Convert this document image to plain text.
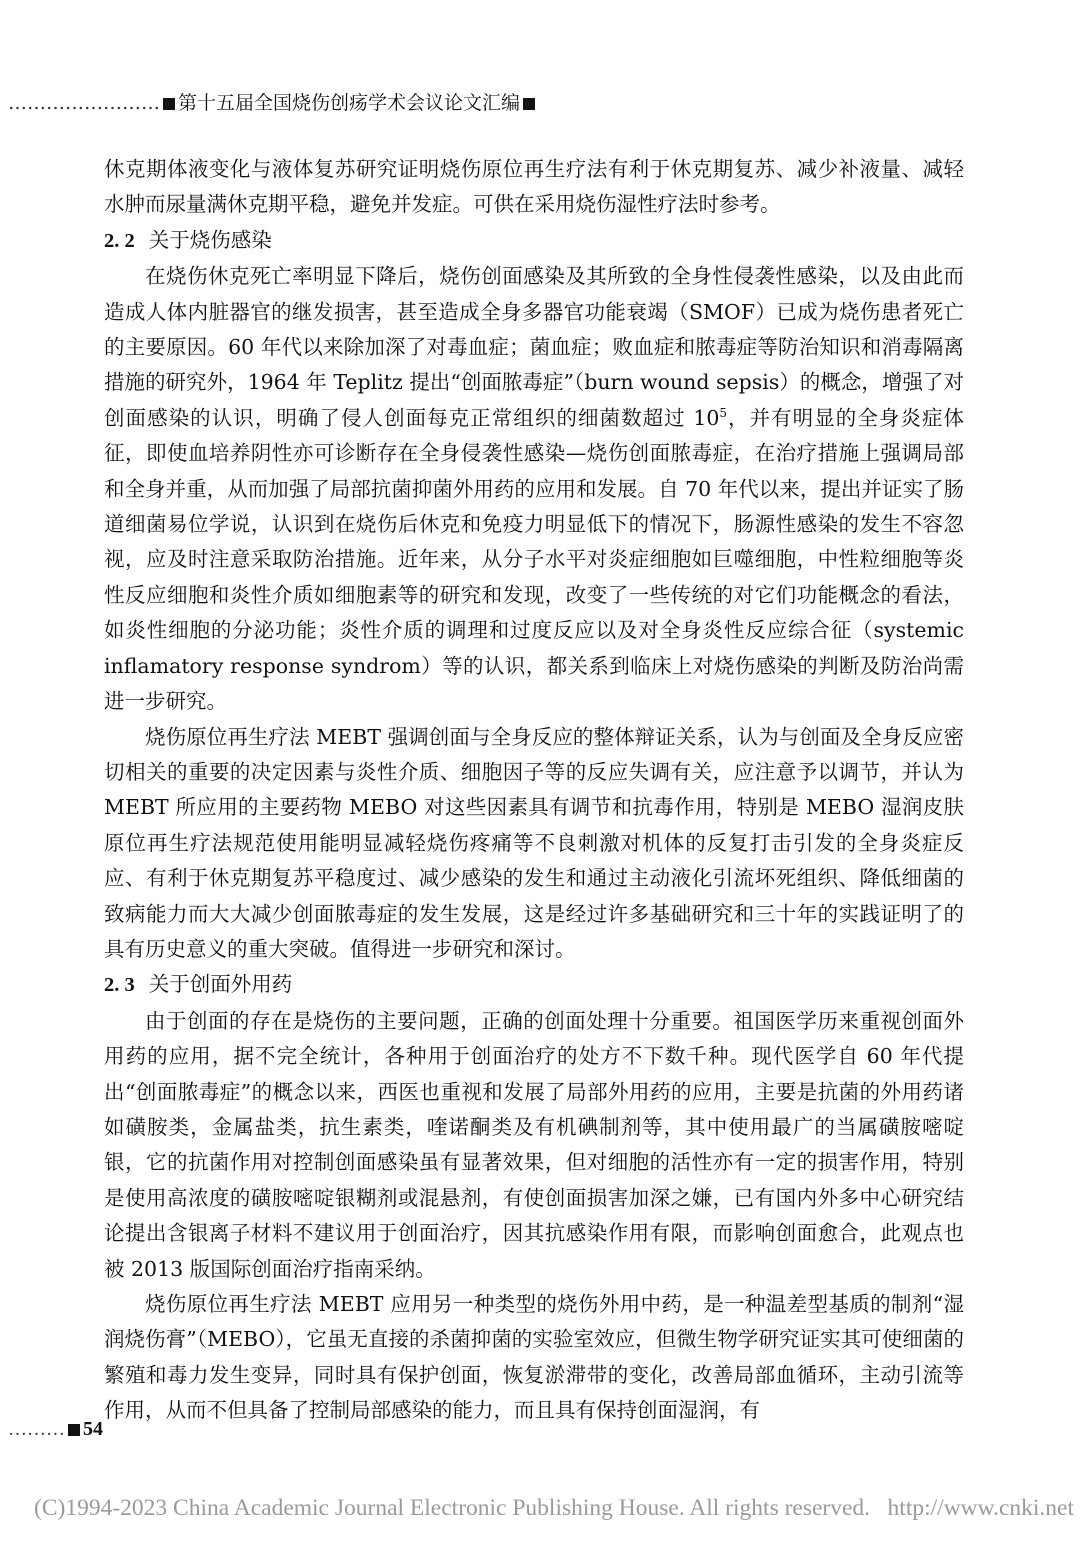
…………………… 第十五届全国烧伤创疡学术会议论文汇编

休克期体液变化与液体复苏研究证明烧伤原位再生疗法有利于休克期复苏、减少补液量、减轻水肿而尿量满休克期平稳，避免并发症。可供在采用烧伤湿性疗法时参考。

2. 2 关于烧伤感染

在烧伤休克死亡率明显下降后，烧伤创面感染及其所致的全身性侵袭性感染，以及由此而造成人体内脏器官的继发损害，甚至造成全身多器官功能衰竭（SMOF）已成为烧伤患者死亡的主要原因。60 年代以来除加深了对毒血症；菌血症；败血症和脓毒症等防治知识和消毒隔离措施的研究外，1964 年 Teplitz 提出“创面脓毒症”（burn wound sepsis）的概念，增强了对创面感染的认识，明确了侵人创面每克正常组织的细菌数超过 $10^5$，并有明显的全身炎症体征，即使血培养阴性亦可诊断存在全身侵袭性感染—烧伤创面脓毒症，在治疗措施上强调局部和全身并重，从而加强了局部抗菌抑菌外用药的应用和发展。自 70 年代以来，提出并证实了肠道细菌易位学说，认识到在烧伤后休克和免疫力明显低下的情况下，肠源性感染的发生不容忽视，应及时注意采取防治措施。近年来，从分子水平对炎症细胞如巨噬细胞，中性粒细胞等炎性反应细胞和炎性介质如细胞素等的研究和发现，改变了一些传统的对它们功能概念的看法，如炎性细胞的分泌功能；炎性介质的调理和过度反应以及对全身炎性反应综合征（systemic inflamatory response syndrom）等的认识，都关系到临床上对烧伤感染的判断及防治尚需进一步研究。

烧伤原位再生疗法 MEBT 强调创面与全身反应的整体辩证关系，认为与创面及全身反应密切相关的重要的决定因素与炎性介质、细胞因子等的反应失调有关，应注意予以调节，并认为 MEBT 所应用的主要药物 MEBO 对这些因素具有调节和抗毒作用，特别是 MEBO 湿润皮肤原位再生疗法规范使用能明显减轻烧伤疼痛等不良刺激对机体的反复打击引发的全身炎症反应、有利于休克期复苏平稳度过、减少感染的发生和通过主动液化引流坏死组织、降低细菌的致病能力而大大减少创面脓毒症的发生发展，这是经过许多基础研究和三十年的实践证明了的具有历史意义的重大突破。值得进一步研究和深讨。

2. 3 关于创面外用药

由于创面的存在是烧伤的主要问题，正确的创面处理十分重要。祖国医学历来重视创面外用药的应用，据不完全统计，各种用于创面治疗的处方不下数千种。现代医学自 60 年代提出“创面脓毒症”的概念以来，西医也重视和发展了局部外用药的应用，主要是抗菌的外用药诸如磺胺类，金属盐类，抗生素类，喹诺酮类及有机碘制剂等，其中使用最广的当属磺胺嘧啶银，它的抗菌作用对控制创面感染虽有显著效果，但对细胞的活性亦有一定的损害作用，特别是使用高浓度的磺胺嘧啶银糊剂或混悬剂，有使创面损害加深之嫌，已有国内外多中心研究结论提出含银离子材料不建议用于创面治疗，因其抗感染作用有限，而影响创面愈合，此观点也被 2013 版国际创面治疗指南采纳。

烧伤原位再生疗法 MEBT 应用另一种类型的烧伤外用中药，是一种温差型基质的制剂“湿润烧伤膏”（MEBO），它虽无直接的杀菌抑菌的实验室效应，但微生物学研究证实其可使细菌的繁殖和毒力发生变异，同时具有保护创面，恢复淤滞带的变化，改善局部血循环，主动引流等作用，从而不但具备了控制局部感染的能力，而且具有保持创面湿润，有

……… 54
(C)1994-2023 China Academic Journal Electronic Publishing House. All rights reserved. http://www.cnki.net
